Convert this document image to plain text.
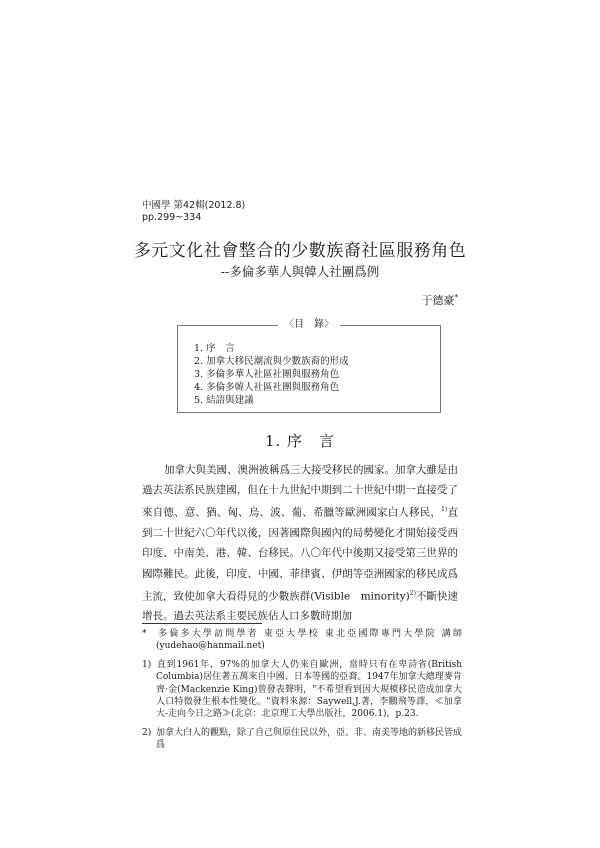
中國學 第42輯(2012.8)
pp.299~334
多元文化社會整合的少數族裔社區服務角色
--多倫多華人與韓人社團爲例
于德豪*
〈目　錄〉
1. 序　言
2. 加拿大移民潮流與少數族裔的形成
3. 多倫多華人社區社團與服務角色
4. 多倫多韓人社區社團與服務角色
5. 結語與建議
1. 序　言

加拿大與美國、澳洲被稱爲三大接受移民的國家。加拿大雖是由過去英法系民族建國，但在十九世紀中期到二十世紀中期一直接受了來自德、意、猶、匈、烏、波、葡、希臘等歐洲國家白人移民，$^{1)}$直到二十世紀六〇年代以後，因著國際與國內的局勢變化才開始接受西印度、中南美、港、韓、台移民。八〇年代中後期又接受第三世界的國際難民。此後，印度、中國、菲律賓、伊朗等亞洲國家的移民成爲主流，致使加拿大看得見的少數族群(Visible　minority)$^{2)}$不斷快速增長。過去英法系主要民族佔人口多數時期加

* 多倫多大學訪問學者 東亞大學校 東北亞國際專門大學院 講師 (yudehao@hanmail.net)

1) 直到1961年，97%的加拿大人仍來自歐洲，當時只有在卑詩省(British Columbia)居住著五萬來自中國、日本等國的亞裔。1947年加拿大總理麥肯齊·金(Mackenzie King)曾發表聲明，"不希望看到因大規模移民造成加拿大人口特徵發生根本性變化。"資料來源：Saywell,J.著，李鵬飛等譯，≪加拿大-走向今日之路≫(北京：北京理工大學出版社，2006.1)，p.23.

2) 加拿大白人的觀點，除了自己與原住民以外，亞、非、南美等地的新移民皆成爲
